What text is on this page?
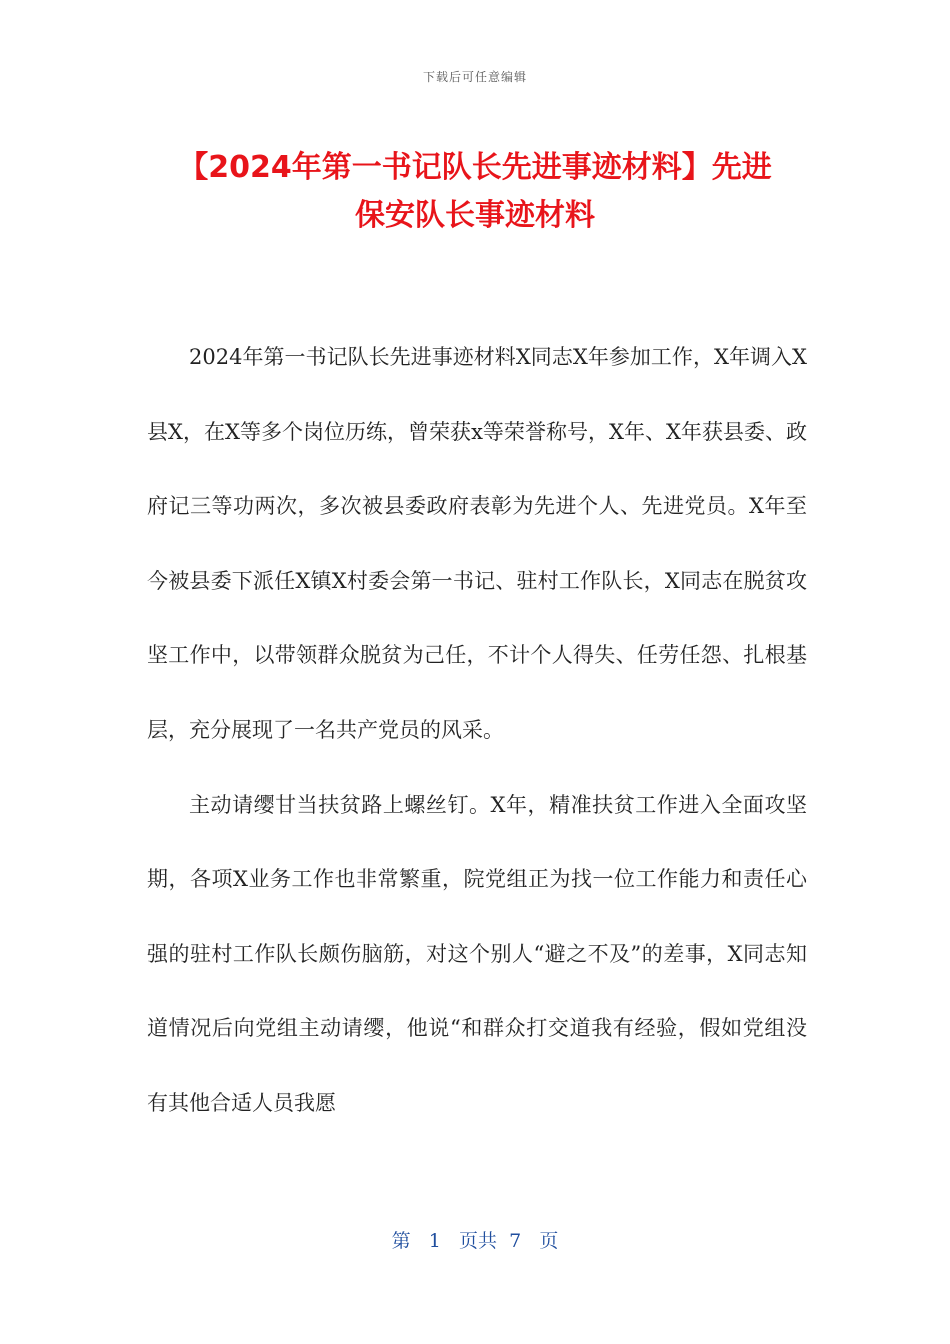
下载后可任意编辑
【2024年第一书记队长先进事迹材料】先进
保安队长事迹材料

2024年第一书记队长先进事迹材料X同志X年参加工作，X年调入X县X，在X等多个岗位历练，曾荣获x等荣誉称号，X年、X年获县委、政府记三等功两次，多次被县委政府表彰为先进个人、先进党员。X年至今被县委下派任X镇X村委会第一书记、驻村工作队长，X同志在脱贫攻坚工作中，以带领群众脱贫为己任，不计个人得失、任劳任怨、扎根基层，充分展现了一名共产党员的风采。

主动请缨甘当扶贫路上螺丝钉。X年，精准扶贫工作进入全面攻坚期，各项X业务工作也非常繁重，院党组正为找一位工作能力和责任心强的驻村工作队长颇伤脑筋，对这个别人“避之不及”的差事，X同志知道情况后向党组主动请缨，他说“和群众打交道我有经验，假如党组没有其他合适人员我愿

第 1 页共 7 页
